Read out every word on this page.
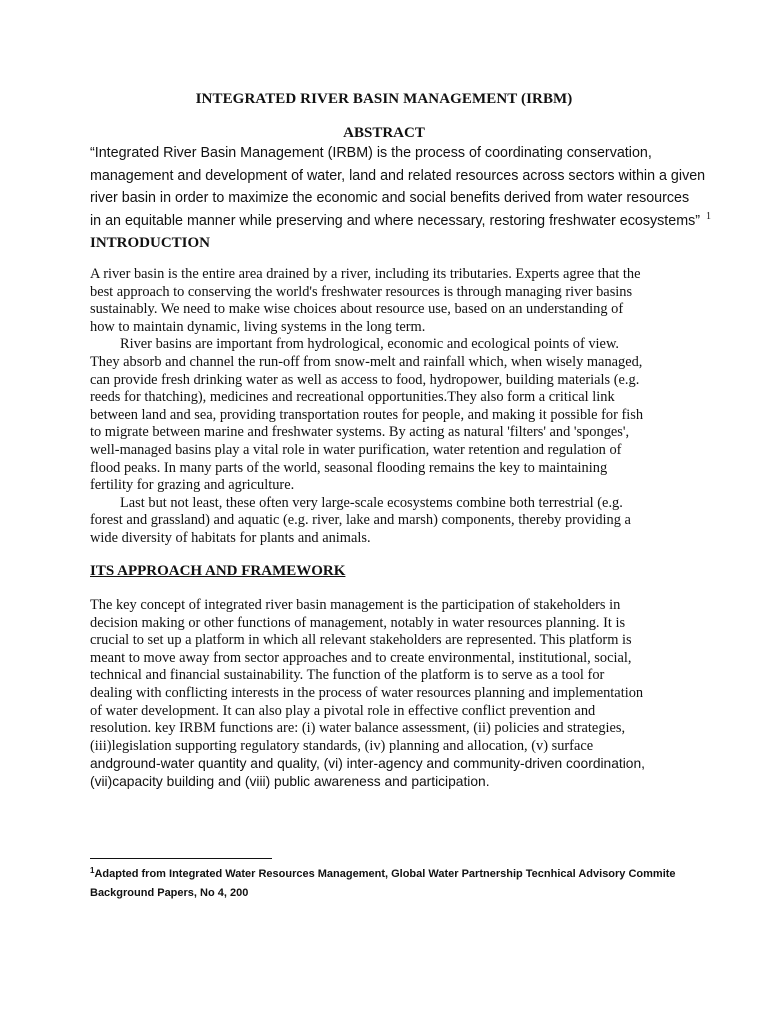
INTEGRATED RIVER BASIN MANAGEMENT (IRBM)
ABSTRACT
“Integrated River Basin Management (IRBM) is the process of coordinating conservation,
management and development of water, land and related resources across sectors within a given
river basin in order to maximize the economic and social benefits derived from water resources
in an equitable manner while preserving and where necessary, restoring freshwater ecosystems” $^1$
INTRODUCTION
A river basin is the entire area drained by a river, including its tributaries. Experts agree that the
best approach to conserving the world's freshwater resources is through managing river basins
sustainably. We need to make wise choices about resource use, based on an understanding of
how to maintain dynamic, living systems in the long term.
River basins are important from hydrological, economic and ecological points of view.
They absorb and channel the run-off from snow-melt and rainfall which, when wisely managed,
can provide fresh drinking water as well as access to food, hydropower, building materials (e.g.
reeds for thatching), medicines and recreational opportunities.They also form a critical link
between land and sea, providing transportation routes for people, and making it possible for fish
to migrate between marine and freshwater systems. By acting as natural 'filters' and 'sponges',
well-managed basins play a vital role in water purification, water retention and regulation of
flood peaks. In many parts of the world, seasonal flooding remains the key to maintaining
fertility for grazing and agriculture.
Last but not least, these often very large-scale ecosystems combine both terrestrial (e.g.
forest and grassland) and aquatic (e.g. river, lake and marsh) components, thereby providing a
wide diversity of habitats for plants and animals.
ITS APPROACH AND FRAMEWORK
The key concept of integrated river basin management is the participation of stakeholders in
decision making or other functions of management, notably in water resources planning. It is
crucial to set up a platform in which all relevant stakeholders are represented. This platform is
meant to move away from sector approaches and to create environmental, institutional, social,
technical and financial sustainability. The function of the platform is to serve as a tool for
dealing with conflicting interests in the process of water resources planning and implementation
of water development. It can also play a pivotal role in effective conflict prevention and
resolution. key IRBM functions are: (i) water balance assessment, (ii) policies and strategies,
(iii)legislation supporting regulatory standards, (iv) planning and allocation, (v) surface
andground-water quantity and quality, (vi) inter-agency and community-driven coordination,
(vii)capacity building and (viii) public awareness and participation.
$^1$Adapted from Integrated Water Resources Management, Global Water Partnership Tecnhical Advisory Commite
Background Papers, No 4, 200
